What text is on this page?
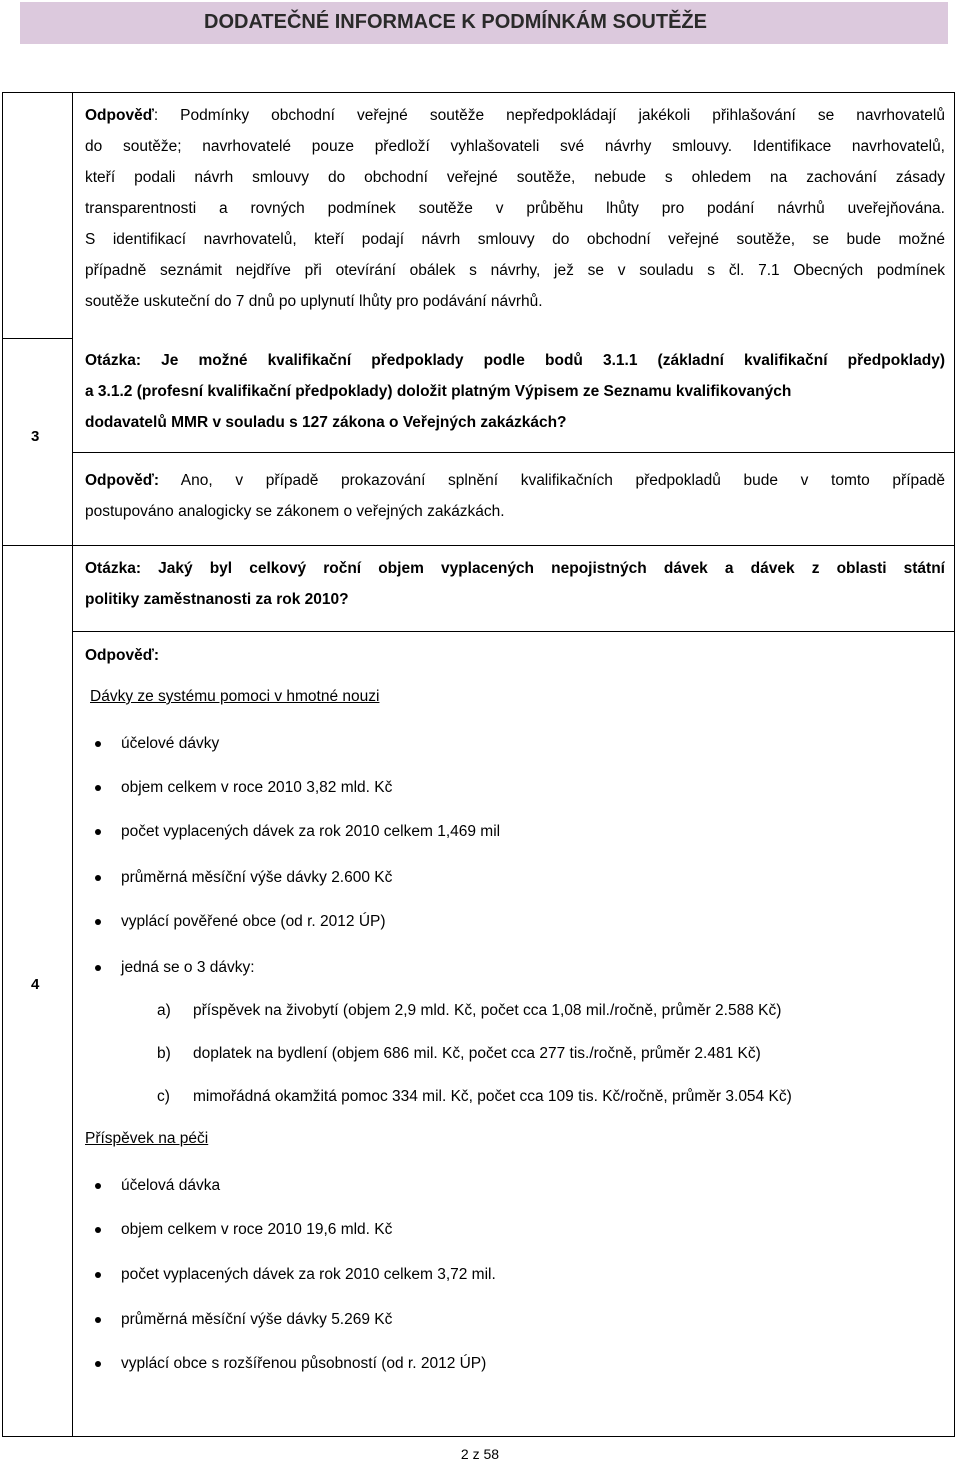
DODATEČNÉ INFORMACE K PODMÍNKÁM SOUTĚŽE
Odpověď: Podmínky obchodní veřejné soutěže nepředpokládají jakékoli přihlašování se navrhovatelů
do soutěže; navrhovatelé pouze předloží vyhlašovateli své návrhy smlouvy. Identifikace navrhovatelů,
kteří podali návrh smlouvy do obchodní veřejné soutěže, nebude s ohledem na zachování zásady
transparentnosti a rovných podmínek soutěže v průběhu lhůty pro podání návrhů uveřejňována.
S identifikací navrhovatelů, kteří podají návrh smlouvy do obchodní veřejné soutěže, se bude možné
případně seznámit nejdříve při otevírání obálek s návrhy, jež se v souladu s čl. 7.1 Obecných podmínek
soutěže uskuteční do 7 dnů po uplynutí lhůty pro podávání návrhů.
3
Otázka: Je možné kvalifikační předpoklady podle bodů 3.1.1 (základní kvalifikační předpoklady)
a 3.1.2 (profesní kvalifikační předpoklady) doložit platným Výpisem ze Seznamu kvalifikovaných
dodavatelů MMR v souladu s 127 zákona o Veřejných zakázkách?
Odpověď: Ano, v případě prokazování splnění kvalifikačních předpokladů bude v tomto případě
postupováno analogicky se zákonem o veřejných zakázkách.
4
Otázka: Jaký byl celkový roční objem vyplacených nepojistných dávek a dávek z oblasti státní
politiky zaměstnanosti za rok 2010?
Odpověď:
Dávky ze systému pomoci v hmotné nouzi
účelové dávky
objem celkem v roce 2010 3,82 mld. Kč
počet vyplacených dávek za rok 2010 celkem 1,469 mil
průměrná měsíční výše dávky 2.600 Kč
vyplácí pověřené obce (od r. 2012 ÚP)
jedná se o 3 dávky:
a) příspěvek na živobytí (objem 2,9 mld. Kč, počet cca 1,08 mil./ročně, průměr 2.588 Kč)
b) doplatek na bydlení (objem 686 mil. Kč, počet cca 277 tis./ročně, průměr 2.481 Kč)
c) mimořádná okamžitá pomoc 334 mil. Kč, počet cca 109 tis. Kč/ročně, průměr 3.054 Kč)
Příspěvek na péči
účelová dávka
objem celkem v roce 2010 19,6 mld. Kč
počet vyplacených dávek za rok 2010 celkem 3,72 mil.
průměrná měsíční výše dávky 5.269 Kč
vyplácí obce s rozšířenou působností (od r. 2012 ÚP)
2 z 58
